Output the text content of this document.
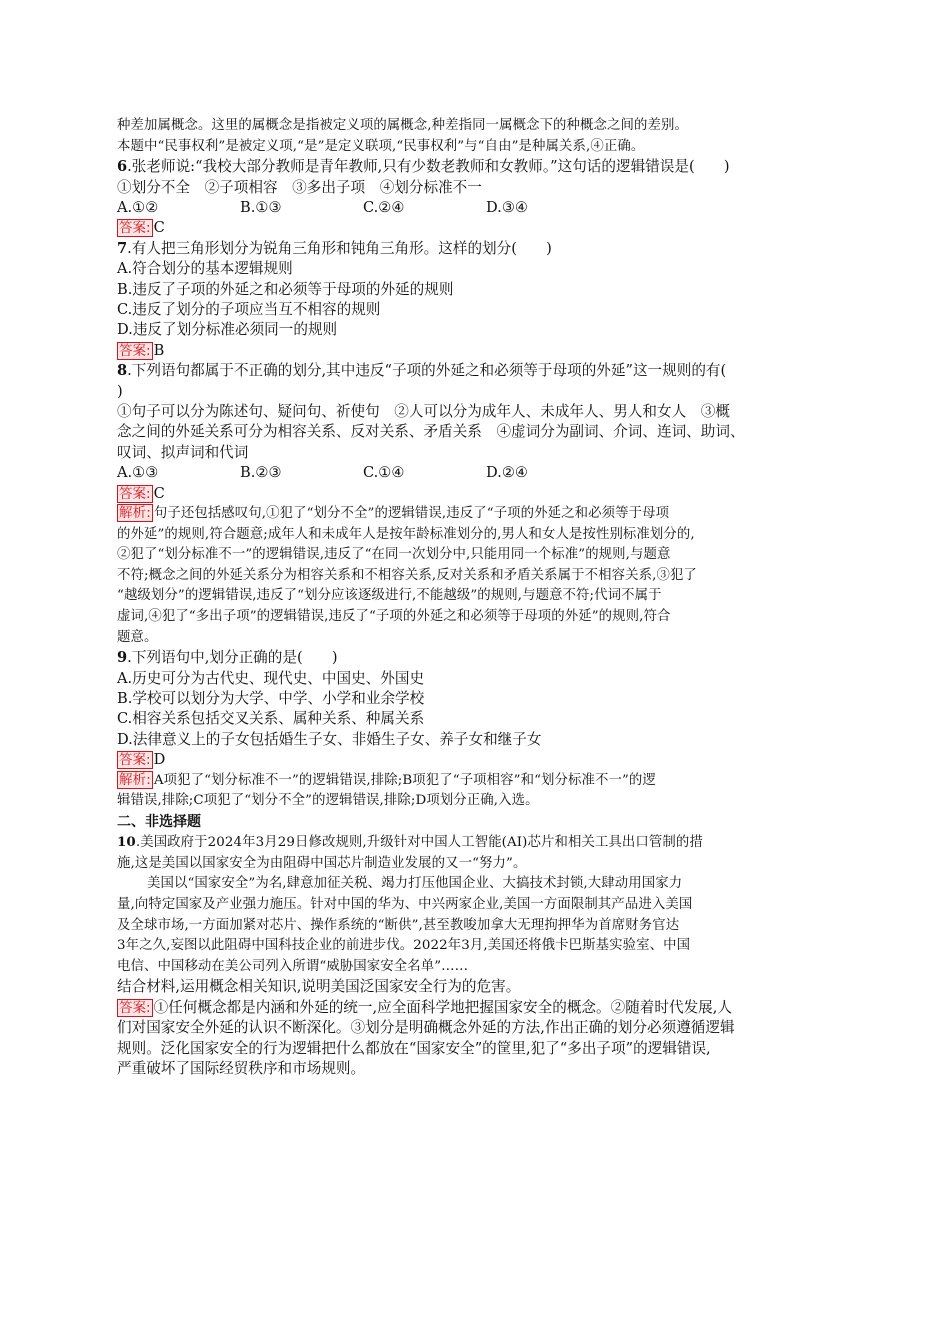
种差加属概念。这里的属概念是指被定义项的属概念,种差指同一属概念下的种概念之间的差别。
本题中“民事权利”是被定义项,“是”是定义联项,“民事权利”与“自由”是种属关系,④正确。
6.张老师说:“我校大部分教师是青年教师,只有少数老教师和女教师。”这句话的逻辑错误是(　　)
①划分不全　②子项相容　③多出子项　④划分标准不一
A.①②	B.①③	C.②④	D.③④
答案: C
7.有人把三角形划分为锐角三角形和钝角三角形。这样的划分(　　)
A.符合划分的基本逻辑规则
B.违反了子项的外延之和必须等于母项的外延的规则
C.违反了划分的子项应当互不相容的规则
D.违反了划分标准必须同一的规则
答案: B
8.下列语句都属于不正确的划分,其中违反“子项的外延之和必须等于母项的外延”这一规则的有(
)
①句子可以分为陈述句、疑问句、祈使句　②人可以分为成年人、未成年人、男人和女人　③概
念之间的外延关系可分为相容关系、反对关系、矛盾关系　④虚词分为副词、介词、连词、助词、
叹词、拟声词和代词
A.①③	B.②③	C.①④	D.②④
答案: C
解析: 句子还包括感叹句,①犯了“划分不全”的逻辑错误,违反了“子项的外延之和必须等于母项
的外延”的规则,符合题意;成年人和未成年人是按年龄标准划分的,男人和女人是按性别标准划分的,
②犯了“划分标准不一”的逻辑错误,违反了“在同一次划分中,只能用同一个标准”的规则,与题意
不符;概念之间的外延关系分为相容关系和不相容关系,反对关系和矛盾关系属于不相容关系,③犯了
“越级划分”的逻辑错误,违反了“划分应该逐级进行,不能越级”的规则,与题意不符;代词不属于
虚词,④犯了“多出子项”的逻辑错误,违反了“子项的外延之和必须等于母项的外延”的规则,符合
题意。
9.下列语句中,划分正确的是(　　)
A.历史可分为古代史、现代史、中国史、外国史
B.学校可以划分为大学、中学、小学和业余学校
C.相容关系包括交叉关系、属种关系、种属关系
D.法律意义上的子女包括婚生子女、非婚生子女、养子女和继子女
答案: D
解析: A项犯了“划分标准不一”的逻辑错误,排除;B项犯了“子项相容”和“划分标准不一”的逻
辑错误,排除;C项犯了“划分不全”的逻辑错误,排除;D项划分正确,入选。
二、非选择题
10.美国政府于2024年3月29日修改规则,升级针对中国人工智能(AI)芯片和相关工具出口管制的措
施,这是美国以国家安全为由阻碍中国芯片制造业发展的又一“努力”。
美国以“国家安全”为名,肆意加征关税、竭力打压他国企业、大搞技术封锁,大肆动用国家力
量,向特定国家及产业强力施压。针对中国的华为、中兴两家企业,美国一方面限制其产品进入美国
及全球市场,一方面加紧对芯片、操作系统的“断供”,甚至教唆加拿大无理拘押华为首席财务官达
3年之久,妄图以此阻碍中国科技企业的前进步伐。2022年3月,美国还将俄卡巴斯基实验室、中国
电信、中国移动在美公司列入所谓“威胁国家安全名单”……
结合材料,运用概念相关知识,说明美国泛国家安全行为的危害。
答案: ①任何概念都是内涵和外延的统一,应全面科学地把握国家安全的概念。②随着时代发展,人
们对国家安全外延的认识不断深化。③划分是明确概念外延的方法,作出正确的划分必须遵循逻辑
规则。泛化国家安全的行为逻辑把什么都放在“国家安全”的筐里,犯了“多出子项”的逻辑错误,
严重破坏了国际经贸秩序和市场规则。
